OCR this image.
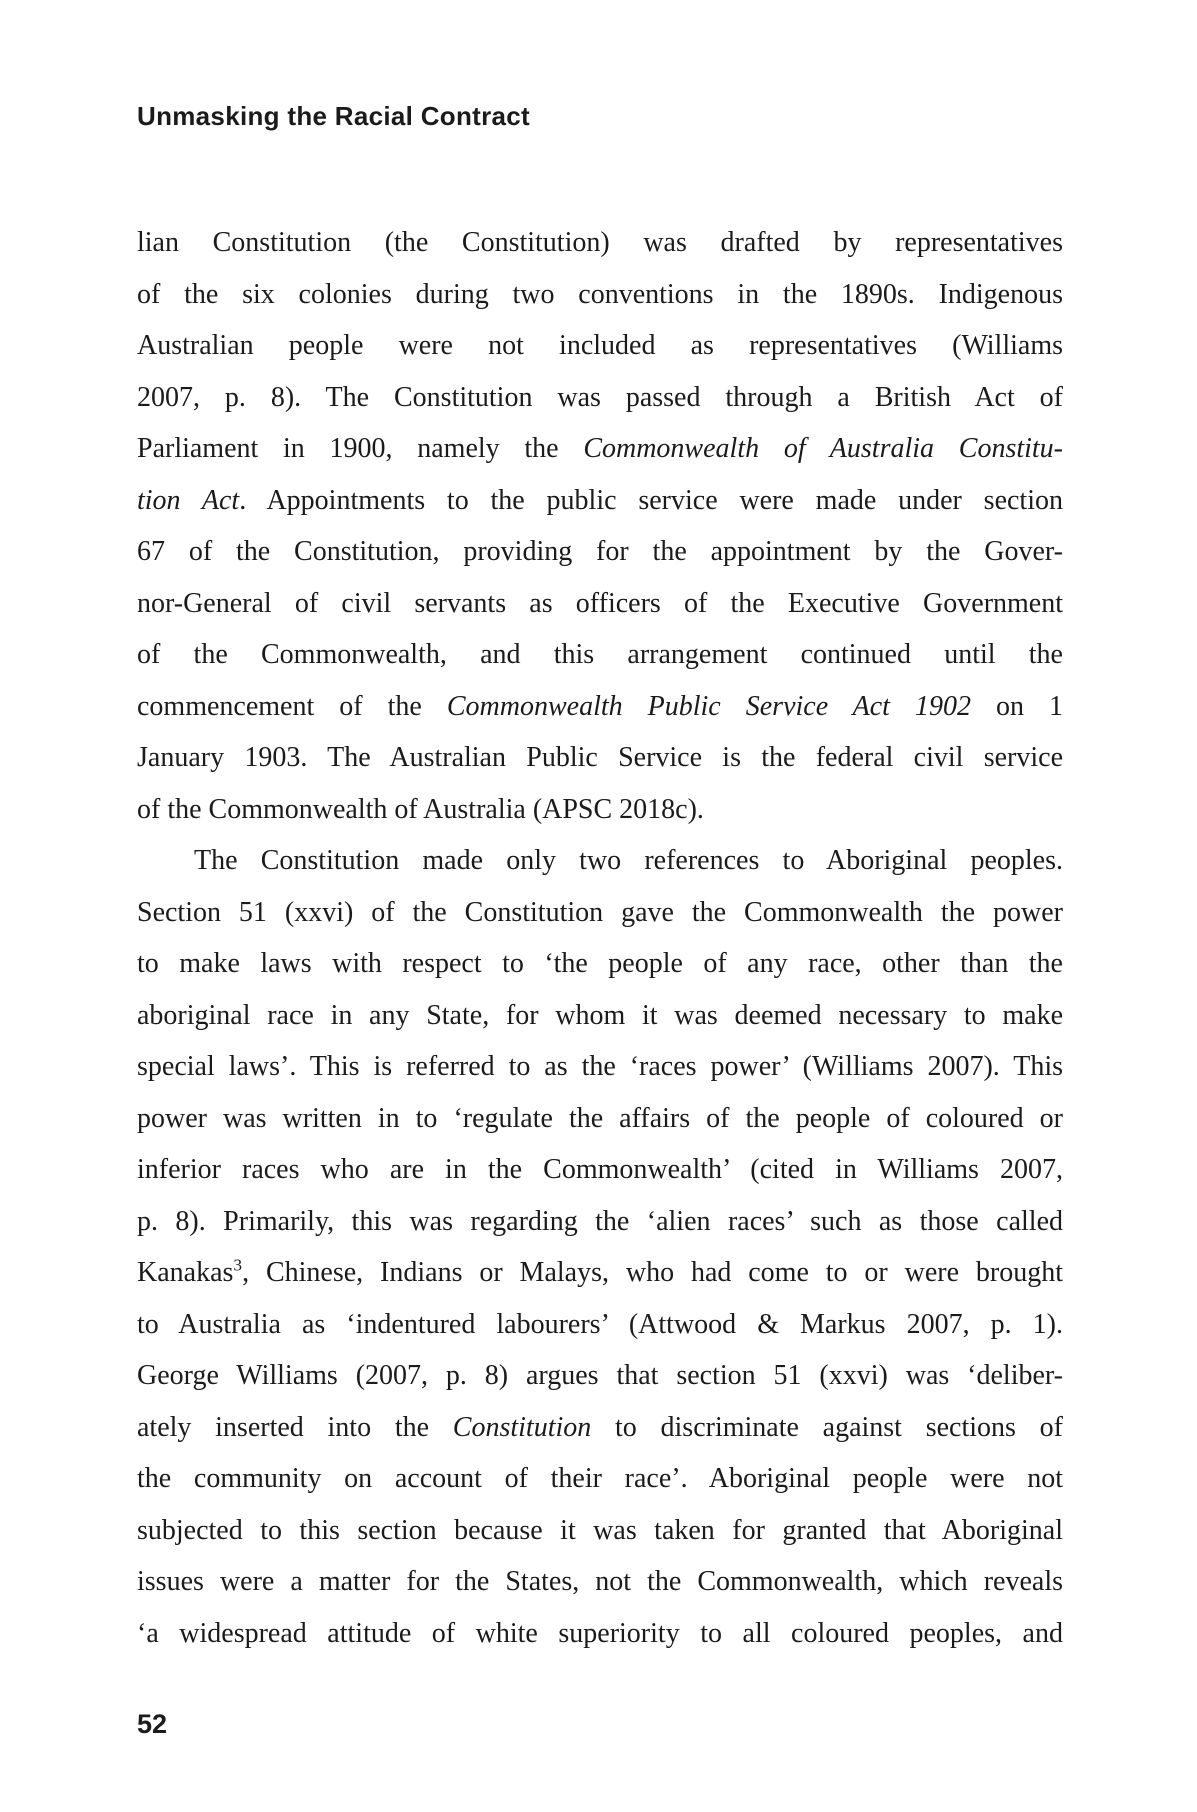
Unmasking the Racial Contract
lian Constitution (the Constitution) was drafted by representatives
of the six colonies during two conventions in the 1890s. Indigenous
Australian people were not included as representatives (Williams
2007, p. 8). The Constitution was passed through a British Act of
Parliament in 1900, namely the Commonwealth of Australia Constitu-
tion Act. Appointments to the public service were made under section
67 of the Constitution, providing for the appointment by the Gover-
nor-General of civil servants as officers of the Executive Government
of the Commonwealth, and this arrangement continued until the
commencement of the Commonwealth Public Service Act 1902 on 1
January 1903. The Australian Public Service is the federal civil service
of the Commonwealth of Australia (APSC 2018c).
The Constitution made only two references to Aboriginal peoples.
Section 51 (xxvi) of the Constitution gave the Commonwealth the power
to make laws with respect to ‘the people of any race, other than the
aboriginal race in any State, for whom it was deemed necessary to make
special laws’. This is referred to as the ‘races power’ (Williams 2007). This
power was written in to ‘regulate the affairs of the people of coloured or
inferior races who are in the Commonwealth’ (cited in Williams 2007,
p. 8). Primarily, this was regarding the ‘alien races’ such as those called
Kanakas$^3$, Chinese, Indians or Malays, who had come to or were brought
to Australia as ‘indentured labourers’ (Attwood & Markus 2007, p. 1).
George Williams (2007, p. 8) argues that section 51 (xxvi) was ‘deliber-
ately inserted into the Constitution to discriminate against sections of
the community on account of their race’. Aboriginal people were not
subjected to this section because it was taken for granted that Aboriginal
issues were a matter for the States, not the Commonwealth, which reveals
‘a widespread attitude of white superiority to all coloured peoples, and
52
